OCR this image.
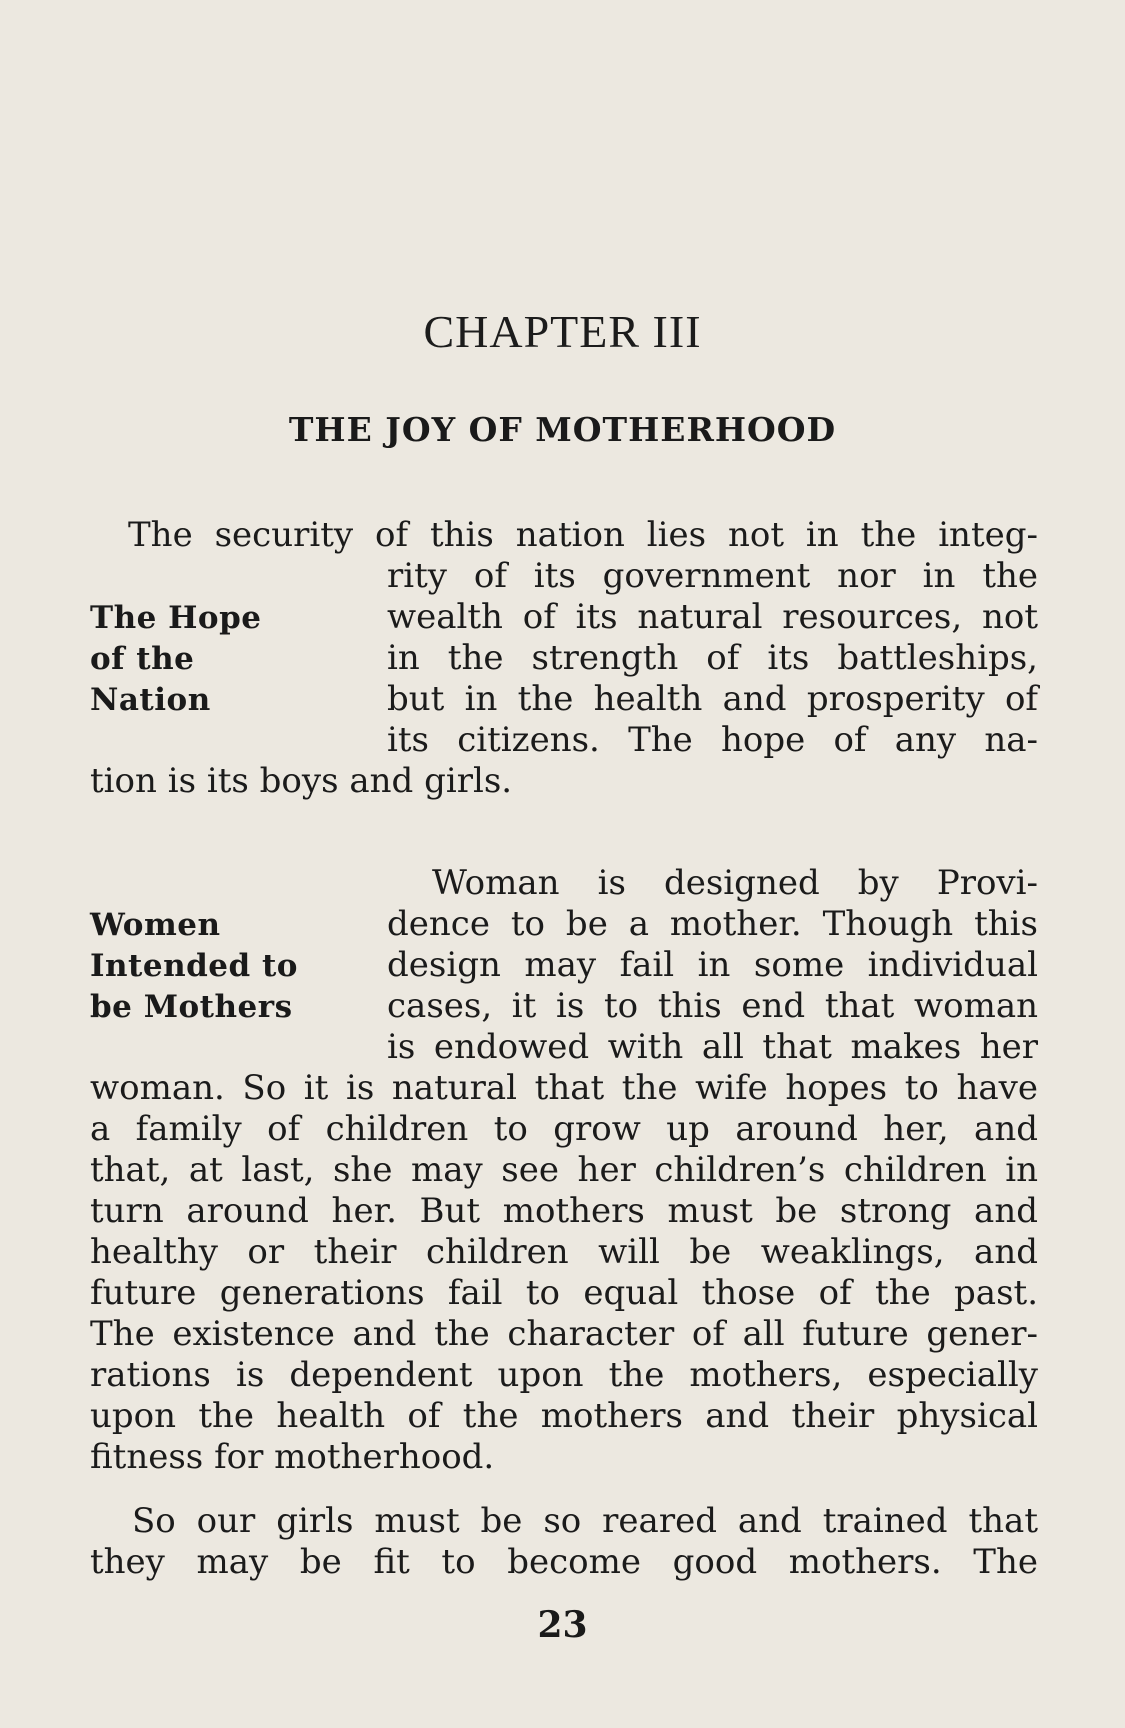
CHAPTER III
THE JOY OF MOTHERHOOD
The security of this nation lies not in the integ-
rity of its government nor in the
wealth of its natural resources, not
in the strength of its battleships,
but in the health and prosperity of
its citizens. The hope of any na-
tion is its boys and girls.
The Hope
of the
Nation
Woman is designed by Provi-
dence to be a mother. Though this
design may fail in some individual
cases, it is to this end that woman
is endowed with all that makes her
woman. So it is natural that the wife hopes to have
a family of children to grow up around her, and
that, at last, she may see her children’s children in
turn around her. But mothers must be strong and
healthy or their children will be weaklings, and
future generations fail to equal those of the past.
The existence and the character of all future gener-
rations is dependent upon the mothers, especially
upon the health of the mothers and their physical
fitness for motherhood.
Women
Intended to
be Mothers
So our girls must be so reared and trained that
they may be fit to become good mothers. The
23
